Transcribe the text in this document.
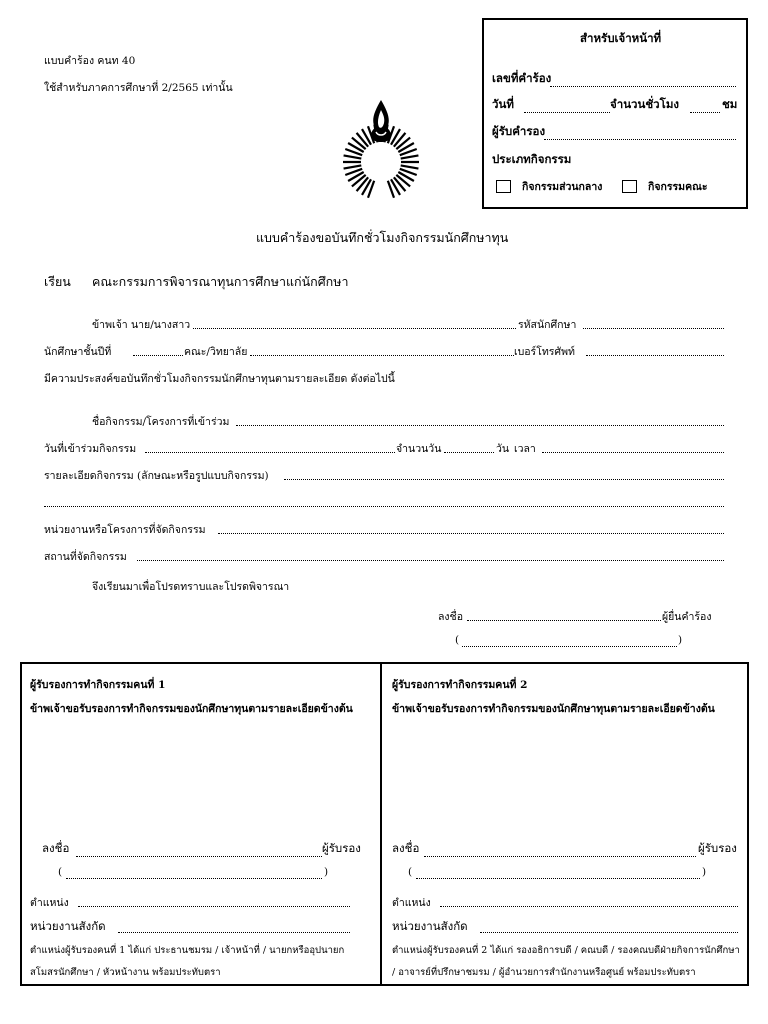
แบบคำร้อง คนท 40
ใช้สำหรับภาคการศึกษาที่ 2/2565 เท่านั้น
สำหรับเจ้าหน้าที่
เลขที่คำร้อง
วันที่	จำนวนชั่วโมง	ชม
ผู้รับคำรอง
ประเภทกิจกรรม
กิจกรรมส่วนกลาง	กิจกรรมคณะ
แบบคำร้องขอบันทึกชั่วโมงกิจกรรมนักศึกษาทุน
เรียน คณะกรรมการพิจารณาทุนการศึกษาแก่นักศึกษา
ข้าพเจ้า นาย/นางสาว	รหัสนักศึกษา
นักศึกษาชั้นปีที่	คณะ/วิทยาลัย	เบอร์โทรศัพท์
มีความประสงค์ขอบันทึกชั่วโมงกิจกรรมนักศึกษาทุนตามรายละเอียด ดังต่อไปนี้
ชื่อกิจกรรม/โครงการที่เข้าร่วม
วันที่เข้าร่วมกิจกรรม	จำนวนวัน	วัน เวลา
รายละเอียดกิจกรรม (ลักษณะหรือรูปแบบกิจกรรม)
หน่วยงานหรือโครงการที่จัดกิจกรรม
สถานที่จัดกิจกรรม
จึงเรียนมาเพื่อโปรดทราบและโปรดพิจารณา
ลงชื่อ	ผู้ยื่นคำร้อง
(	)
ผู้รับรองการทำกิจกรรมคนที่ 1
ข้าพเจ้าขอรับรองการทำกิจกรรมของนักศึกษาทุนตามรายละเอียดข้างต้น
ลงชื่อ	ผู้รับรอง
(	)
ตำแหน่ง
หน่วยงานสังกัด
ตำแหน่งผู้รับรองคนที่ 1 ได้แก่ ประธานชมรม / เจ้าหน้าที่ / นายกหรืออุปนายกสโมสรนักศึกษา / หัวหน้างาน พร้อมประทับตรา
ผู้รับรองการทำกิจกรรมคนที่ 2
ข้าพเจ้าขอรับรองการทำกิจกรรมของนักศึกษาทุนตามรายละเอียดข้างต้น
ลงชื่อ	ผู้รับรอง
(	)
ตำแหน่ง
หน่วยงานสังกัด
ตำแหน่งผู้รับรองคนที่ 2 ได้แก่ รองอธิการบดี / คณบดี / รองคณบดีฝ่ายกิจการนักศึกษา / อาจารย์ที่ปรึกษาชมรม / ผู้อำนวยการสำนักงานหรือศูนย์ พร้อมประทับตรา
